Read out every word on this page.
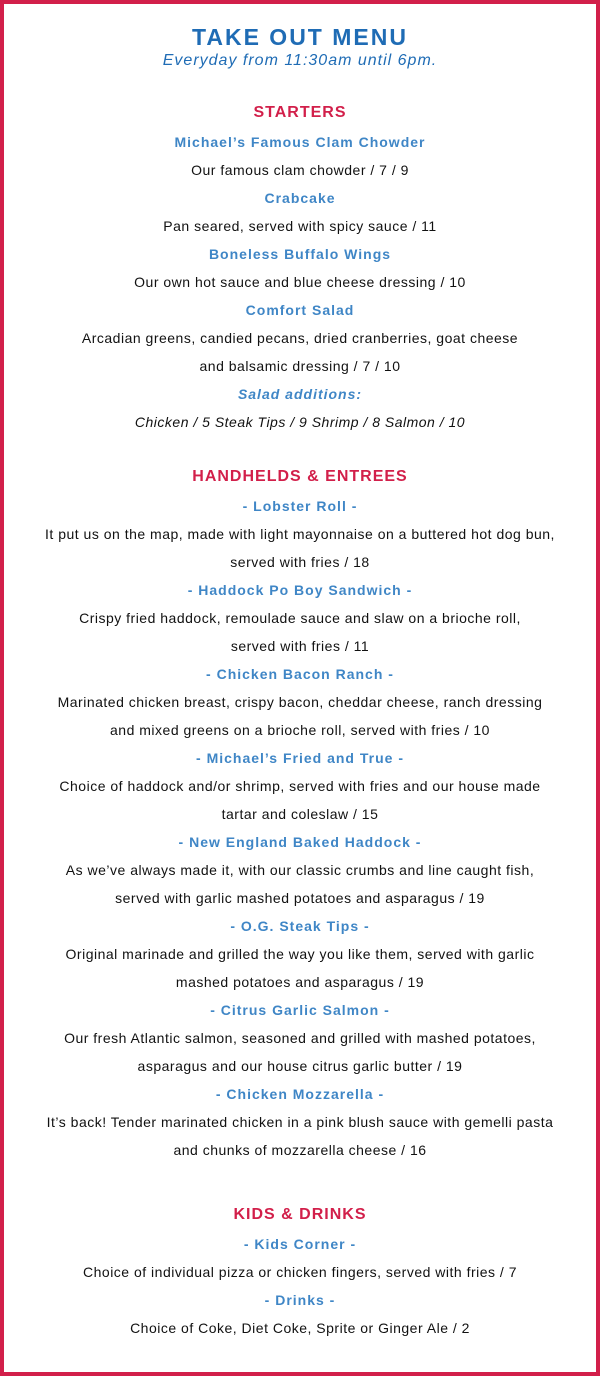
TAKE OUT MENU
Everyday from 11:30am until 6pm.
STARTERS
Michael’s Famous Clam Chowder
Our famous clam chowder / 7 / 9
Crabcake
Pan seared, served with spicy sauce / 11
Boneless Buffalo Wings
Our own hot sauce and blue cheese dressing / 10
Comfort Salad
Arcadian greens, candied pecans, dried cranberries, goat cheese
and balsamic dressing / 7 / 10
Salad additions:
Chicken / 5 Steak Tips / 9 Shrimp / 8 Salmon / 10
HANDHELDS & ENTREES
- Lobster Roll -
It put us on the map, made with light mayonnaise on a buttered hot dog bun,
served with fries / 18
- Haddock Po Boy Sandwich -
Crispy fried haddock, remoulade sauce and slaw on a brioche roll,
served with fries / 11
- Chicken Bacon Ranch -
Marinated chicken breast, crispy bacon, cheddar cheese, ranch dressing
and mixed greens on a brioche roll, served with fries / 10
- Michael’s Fried and True -
Choice of haddock and/or shrimp, served with fries and our house made
tartar and coleslaw / 15
- New England Baked Haddock -
As we’ve always made it, with our classic crumbs and line caught fish,
served with garlic mashed potatoes and asparagus / 19
- O.G. Steak Tips -
Original marinade and grilled the way you like them, served with garlic
mashed potatoes and asparagus / 19
- Citrus Garlic Salmon -
Our fresh Atlantic salmon, seasoned and grilled with mashed potatoes,
asparagus and our house citrus garlic butter / 19
- Chicken Mozzarella -
It’s back! Tender marinated chicken in a pink blush sauce with gemelli pasta
and chunks of mozzarella cheese / 16
KIDS & DRINKS
- Kids Corner -
Choice of individual pizza or chicken fingers, served with fries / 7
- Drinks -
Choice of Coke, Diet Coke, Sprite or Ginger Ale / 2
